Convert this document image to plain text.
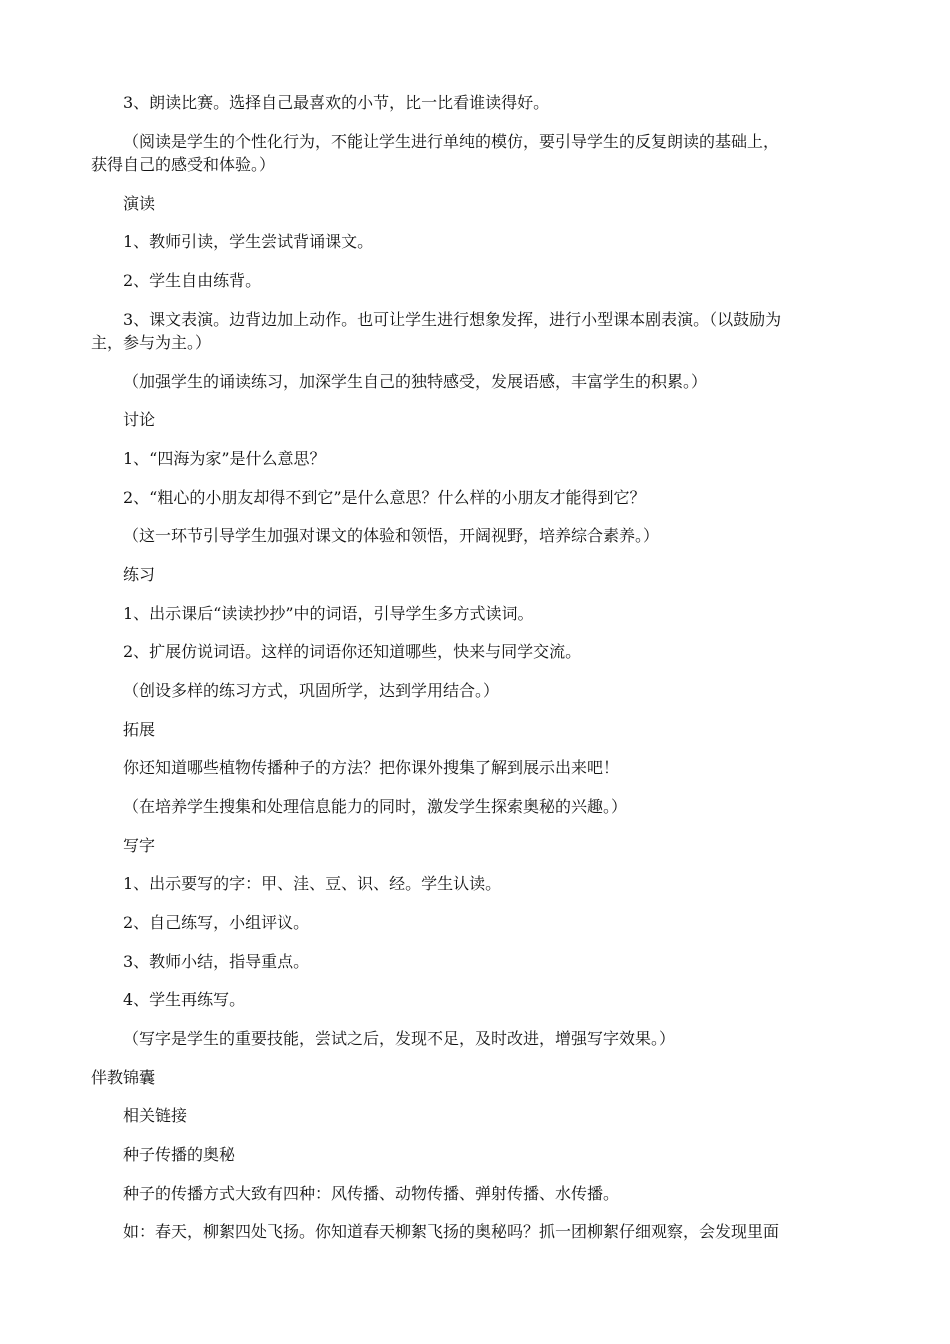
3、朗读比赛。选择自己最喜欢的小节，比一比看谁读得好。
（阅读是学生的个性化行为，不能让学生进行单纯的模仿，要引导学生的反复朗读的基础上，
获得自己的感受和体验。）
演读
1、教师引读，学生尝试背诵课文。
2、学生自由练背。
3、课文表演。边背边加上动作。也可让学生进行想象发挥，进行小型课本剧表演。（以鼓励为
主，参与为主。）
（加强学生的诵读练习，加深学生自己的独特感受，发展语感，丰富学生的积累。）
讨论
1、“四海为家”是什么意思？
2、“粗心的小朋友却得不到它”是什么意思？什么样的小朋友才能得到它？
（这一环节引导学生加强对课文的体验和领悟，开阔视野，培养综合素养。）
练习
1、出示课后“读读抄抄”中的词语，引导学生多方式读词。
2、扩展仿说词语。这样的词语你还知道哪些，快来与同学交流。
（创设多样的练习方式，巩固所学，达到学用结合。）
拓展
你还知道哪些植物传播种子的方法？把你课外搜集了解到展示出来吧！
（在培养学生搜集和处理信息能力的同时，激发学生探索奥秘的兴趣。）
写字
1、出示要写的字：甲、洼、豆、识、经。学生认读。
2、自己练写，小组评议。
3、教师小结，指导重点。
4、学生再练写。
（写字是学生的重要技能，尝试之后，发现不足，及时改进，增强写字效果。）
伴教锦囊
相关链接
种子传播的奥秘
种子的传播方式大致有四种：风传播、动物传播、弹射传播、水传播。
如：春天，柳絮四处飞扬。你知道春天柳絮飞扬的奥秘吗？抓一团柳絮仔细观察，会发现里面
